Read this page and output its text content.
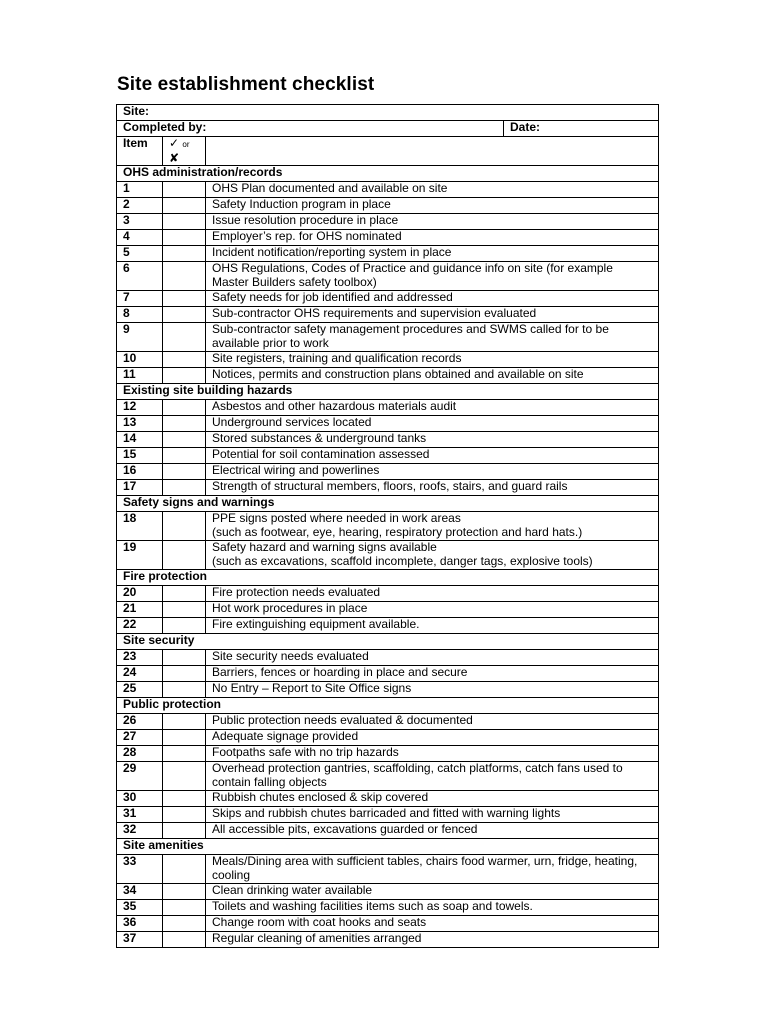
Site establishment checklist
Site:		

Completed by: Date:		

Item	✓ or ✘	
OHS administration/records		
1		OHS Plan documented and available on site
2		Safety Induction program in place
3		Issue resolution procedure in place
4		Employer’s rep. for OHS nominated
5		Incident notification/reporting system in place
6		OHS Regulations, Codes of Practice and guidance info on site (for example Master Builders safety toolbox)
7		Safety needs for job identified and addressed
8		Sub-contractor OHS requirements and supervision evaluated
9		Sub-contractor safety management procedures and SWMS called for to be available prior to work
10		Site registers, training and qualification records
11		Notices, permits and construction plans obtained and available on site
Existing site building hazards		
12		Asbestos and other hazardous materials audit
13		Underground services located
14		Stored substances & underground tanks
15		Potential for soil contamination assessed
16		Electrical wiring and powerlines
17		Strength of structural members, floors, roofs, stairs, and guard rails
Safety signs and warnings		
18		PPE signs posted where needed in work areas
(such as footwear, eye, hearing, respiratory protection and hard hats.)
19		Safety hazard and warning signs available
(such as excavations, scaffold incomplete, danger tags, explosive tools)
Fire protection		
20		Fire protection needs evaluated
21		Hot work procedures in place
22		Fire extinguishing equipment available.
Site security		
23		Site security needs evaluated
24		Barriers, fences or hoarding in place and secure
25		No Entry – Report to Site Office signs
Public protection		
26		Public protection needs evaluated & documented
27		Adequate signage provided
28		Footpaths safe with no trip hazards
29		Overhead protection gantries, scaffolding, catch platforms, catch fans used to contain falling objects
30		Rubbish chutes enclosed & skip covered
31		Skips and rubbish chutes barricaded and fitted with warning lights
32		All accessible pits, excavations guarded or fenced
Site amenities		
33		Meals/Dining area with sufficient tables, chairs food warmer, urn, fridge, heating, cooling
34		Clean drinking water available
35		Toilets and washing facilities items such as soap and towels.
36		Change room with coat hooks and seats
37		Regular cleaning of amenities arranged
